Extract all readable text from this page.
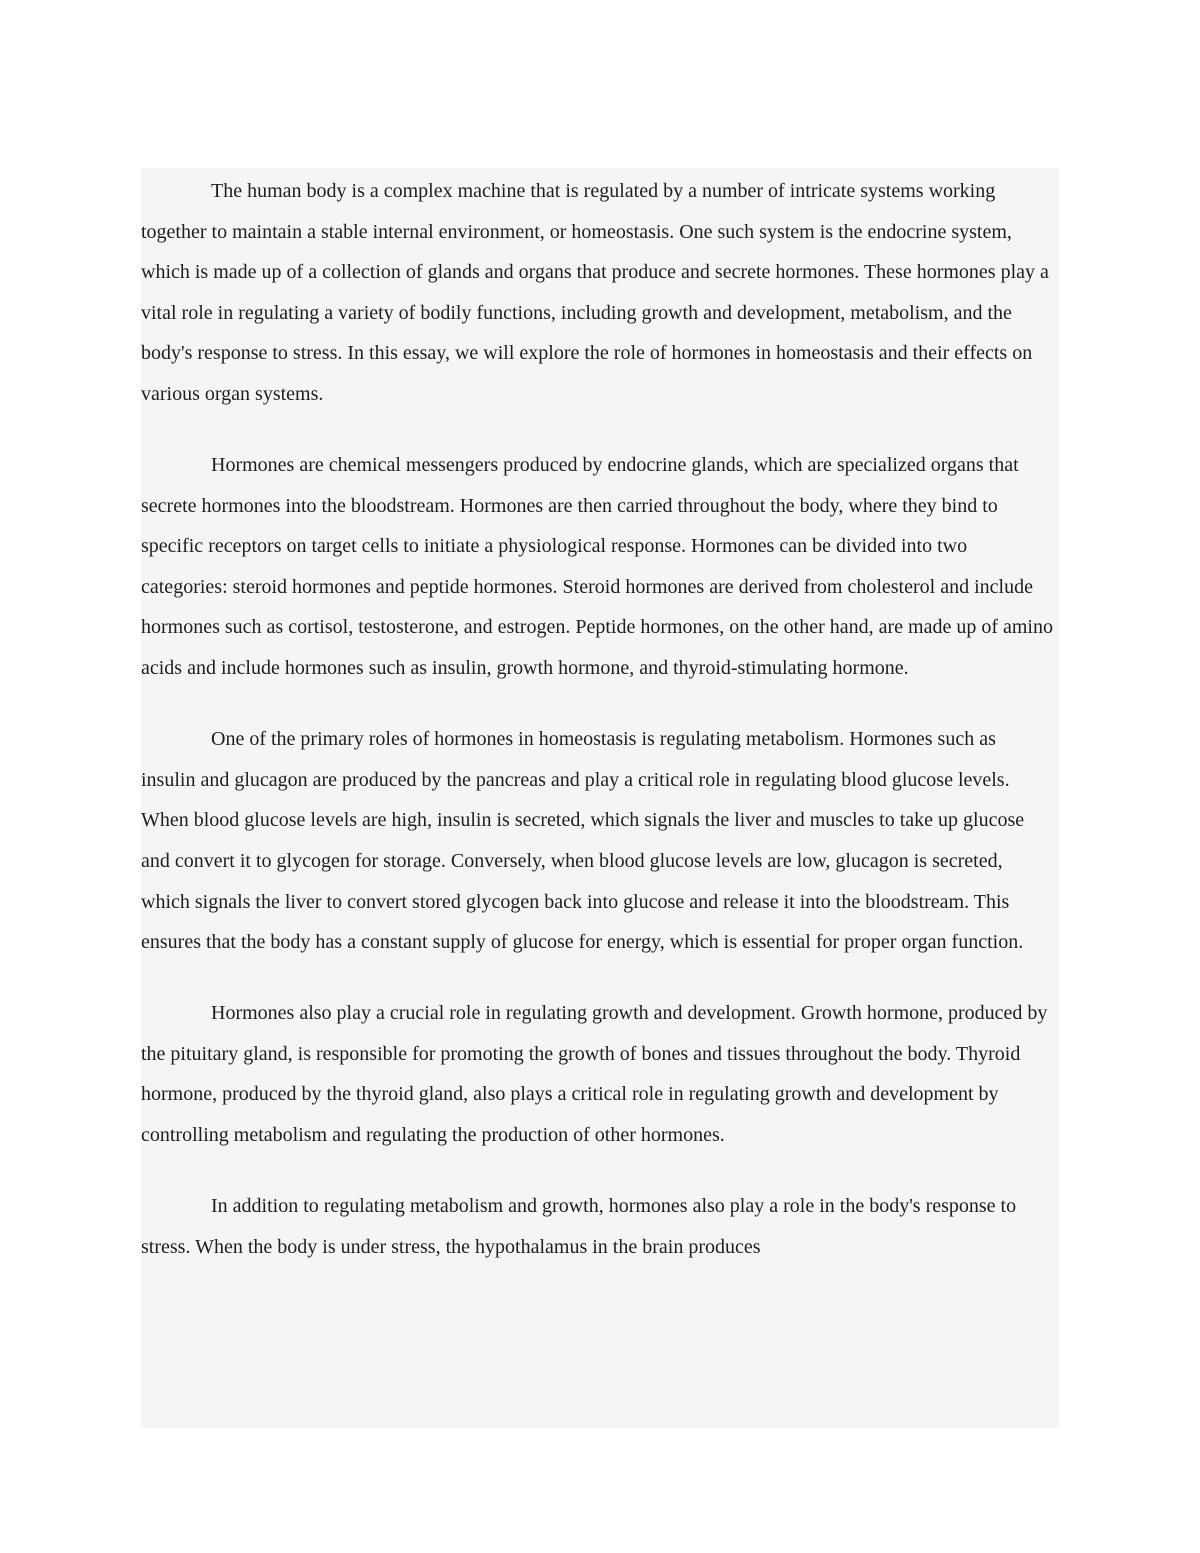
The human body is a complex machine that is regulated by a number of intricate systems working together to maintain a stable internal environment, or homeostasis. One such system is the endocrine system, which is made up of a collection of glands and organs that produce and secrete hormones. These hormones play a vital role in regulating a variety of bodily functions, including growth and development, metabolism, and the body's response to stress. In this essay, we will explore the role of hormones in homeostasis and their effects on various organ systems.

Hormones are chemical messengers produced by endocrine glands, which are specialized organs that secrete hormones into the bloodstream. Hormones are then carried throughout the body, where they bind to specific receptors on target cells to initiate a physiological response. Hormones can be divided into two categories: steroid hormones and peptide hormones. Steroid hormones are derived from cholesterol and include hormones such as cortisol, testosterone, and estrogen. Peptide hormones, on the other hand, are made up of amino acids and include hormones such as insulin, growth hormone, and thyroid-stimulating hormone.

One of the primary roles of hormones in homeostasis is regulating metabolism. Hormones such as insulin and glucagon are produced by the pancreas and play a critical role in regulating blood glucose levels. When blood glucose levels are high, insulin is secreted, which signals the liver and muscles to take up glucose and convert it to glycogen for storage. Conversely, when blood glucose levels are low, glucagon is secreted, which signals the liver to convert stored glycogen back into glucose and release it into the bloodstream. This ensures that the body has a constant supply of glucose for energy, which is essential for proper organ function.

Hormones also play a crucial role in regulating growth and development. Growth hormone, produced by the pituitary gland, is responsible for promoting the growth of bones and tissues throughout the body. Thyroid hormone, produced by the thyroid gland, also plays a critical role in regulating growth and development by controlling metabolism and regulating the production of other hormones.

In addition to regulating metabolism and growth, hormones also play a role in the body's response to stress. When the body is under stress, the hypothalamus in the brain produces
